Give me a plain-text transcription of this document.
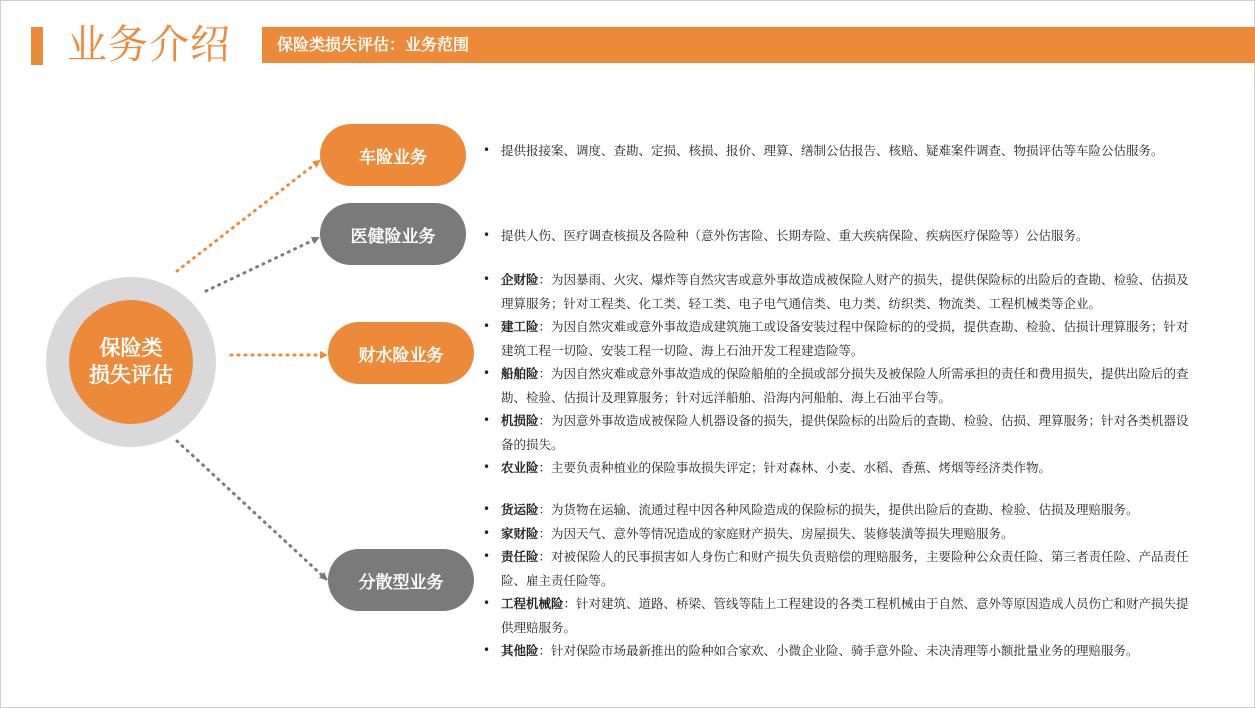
业务介绍	保险类损失评估：业务范围
保险类
损失评估
车险业务
医健险业务
财水险业务
分散型业务
• 提供报接案、调度、查勘、定损、核损、报价、理算、缮制公估报告、核赔、疑难案件调查、物损评估等车险公估服务。
• 提供人伤、医疗调查核损及各险种（意外伤害险、长期寿险、重大疾病保险、疾病医疗保险等）公估服务。
• 企财险：为因暴雨、火灾、爆炸等自然灾害或意外事故造成被保险人财产的损失，提供保险标的出险后的查勘、检验、估损及理算服务；针对工程类、化工类、轻工类、电子电气通信类、电力类、纺织类、物流类、工程机械类等企业。
• 建工险：为因自然灾难或意外事故造成建筑施工或设备安装过程中保险标的的受损，提供查勘、检验、估损计理算服务；针对建筑工程一切险、安装工程一切险、海上石油开发工程建造险等。
• 船舶险：为因自然灾难或意外事故造成的保险船舶的全损或部分损失及被保险人所需承担的责任和费用损失，提供出险后的查勘、检验、估损计及理算服务；针对远洋船舶、沿海内河船舶、海上石油平台等。
• 机损险：为因意外事故造成被保险人机器设备的损失，提供保险标的出险后的查勘、检验、估损、理算服务；针对各类机器设备的损失。
• 农业险：主要负责种植业的保险事故损失评定；针对森林、小麦、水稻、香蕉、烤烟等经济类作物。
• 货运险：为货物在运输、流通过程中因各种风险造成的保险标的损失，提供出险后的查勘、检验、估损及理赔服务。
• 家财险：为因天气、意外等情况造成的家庭财产损失、房屋损失、装修装潢等损失理赔服务。
• 责任险：对被保险人的民事损害如人身伤亡和财产损失负责赔偿的理赔服务，主要险种公众责任险、第三者责任险、产品责任险、雇主责任险等。
• 工程机械险：针对建筑、道路、桥梁、管线等陆上工程建设的各类工程机械由于自然、意外等原因造成人员伤亡和财产损失提供理赔服务。
• 其他险：针对保险市场最新推出的险种如合家欢、小微企业险、骑手意外险、未决清理等小额批量业务的理赔服务。
